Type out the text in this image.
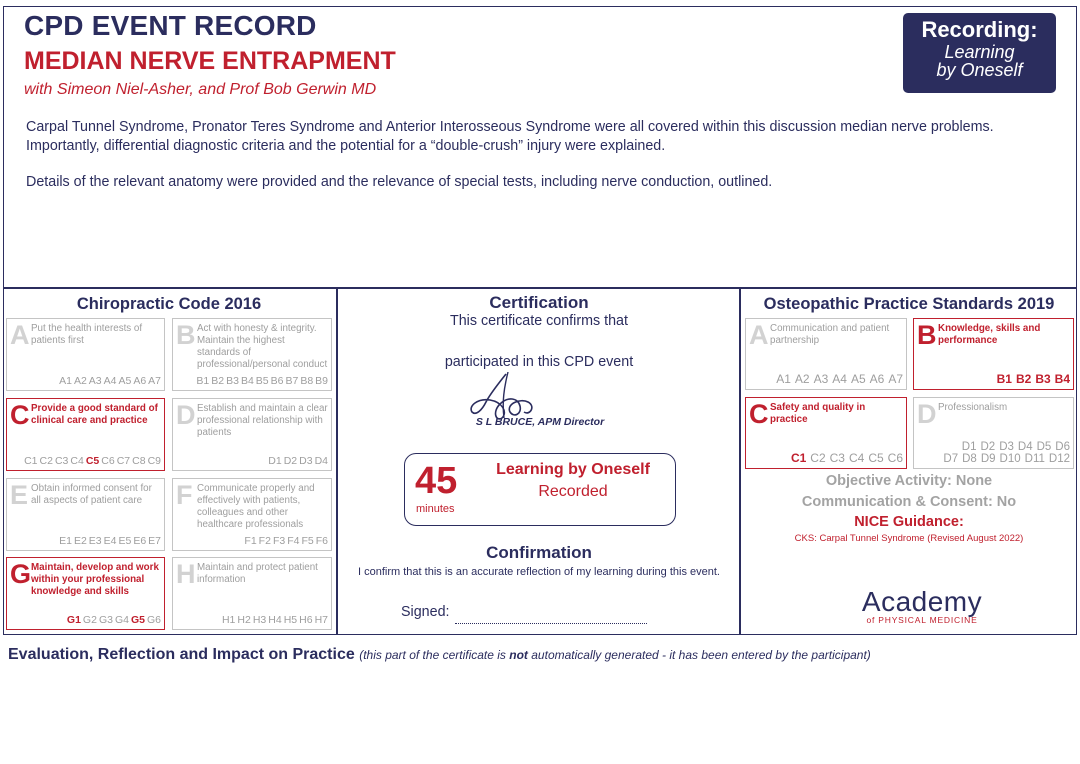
CPD EVENT RECORD
MEDIAN NERVE ENTRAPMENT
with Simeon Niel-Asher, and Prof Bob Gerwin MD
Recording:
Learning
by Oneself

Carpal Tunnel Syndrome, Pronator Teres Syndrome and Anterior Interosseous Syndrome were all covered within this discussion median nerve problems. Importantly, differential diagnostic criteria and the potential for a “double-crush” injury were explained.

Details of the relevant anatomy were provided and the relevance of special tests, including nerve conduction, outlined.

Chiropractic Code 2016
A Put the health interests of patients first
A1 A2 A3 A4 A5 A6 A7
B Act with honesty & integrity. Maintain the highest standards of professional/personal conduct
B1 B2 B3 B4 B5 B6 B7 B8 B9
C Provide a good standard of clinical care and practice
C1 C2 C3 C4 C5 C6 C7 C8 C9
D Establish and maintain a clear professional relationship with patients
D1 D2 D3 D4
E Obtain informed consent for all aspects of patient care
E1 E2 E3 E4 E5 E6 E7
F Communicate properly and effectively with patients, colleagues and other healthcare professionals
F1 F2 F3 F4 F5 F6
G Maintain, develop and work within your professional knowledge and skills
G1 G2 G3 G4 G5 G6
H Maintain and protect patient information
H1 H2 H3 H4 H5 H6 H7
Certification
This certificate confirms that
participated in this CPD event
S L BRUCE, APM Director
45
minutes
Learning by Oneself
Recorded
Confirmation
I confirm that this is an accurate reflection of my learning during this event.
Signed:
Osteopathic Practice Standards 2019
A Communication and patient partnership
A1 A2 A3 A4 A5 A6 A7
B Knowledge, skills and performance
B1 B2 B3 B4
C Safety and quality in practice
C1 C2 C3 C4 C5 C6
D Professionalism
D1 D2 D3 D4 D5 D6
D7 D8 D9 D10 D11 D12
Objective Activity: None
Communication & Consent: No
NICE Guidance:
CKS: Carpal Tunnel Syndrome (Revised August 2022)
Academy
of PHYSICAL MEDICINE
Evaluation, Reflection and Impact on Practice (this part of the certificate is not automatically generated - it has been entered by the participant)
